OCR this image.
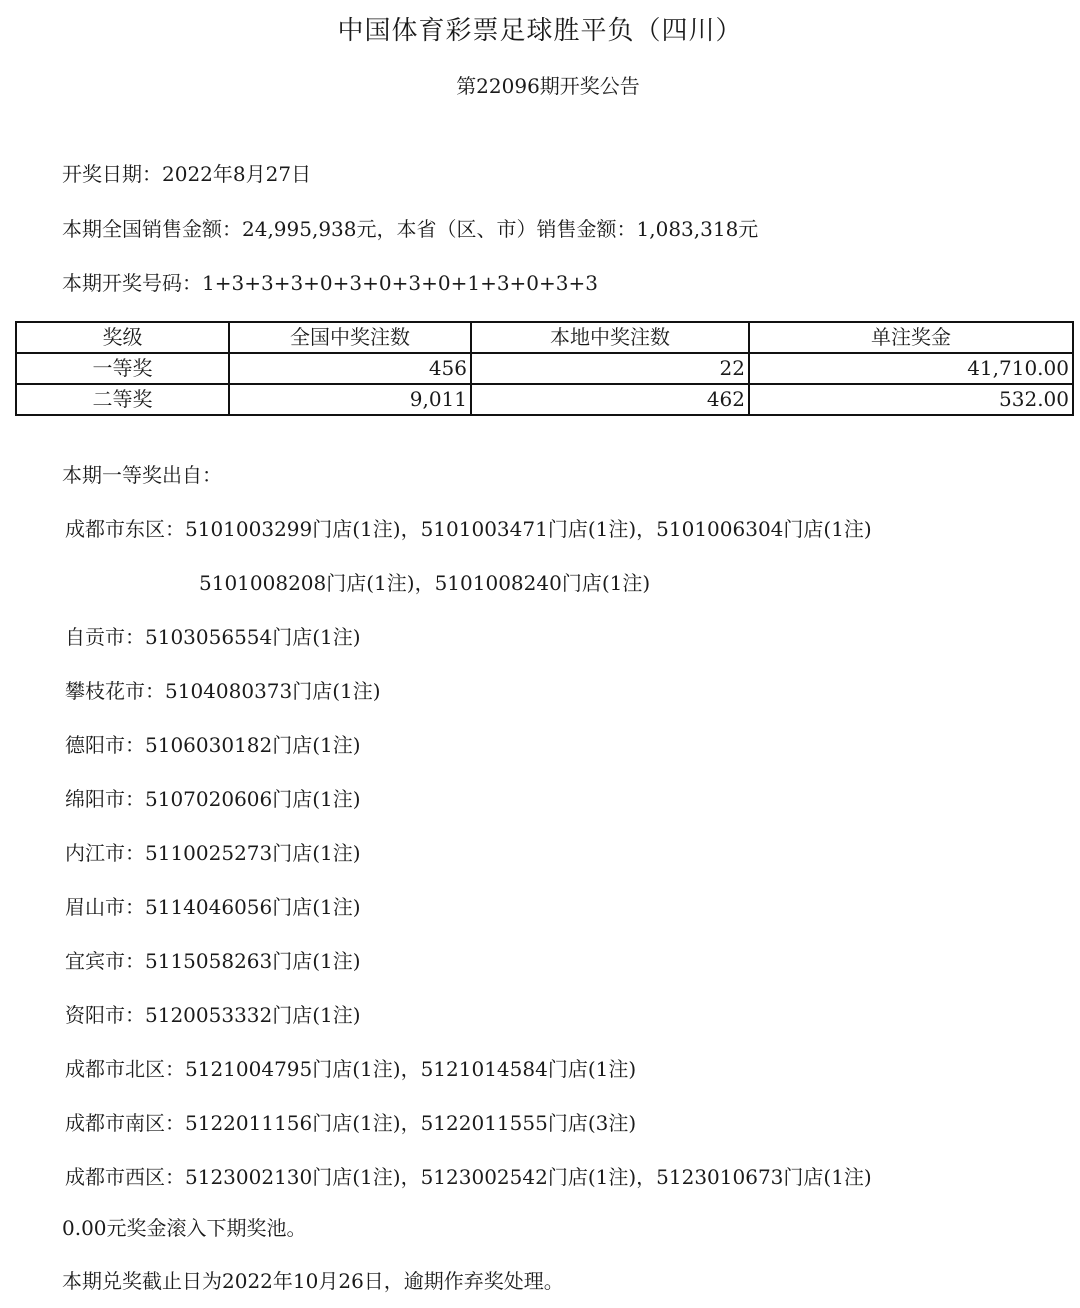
中国体育彩票足球胜平负（四川）
第22096期开奖公告
开奖日期：2022年8月27日
本期全国销售金额：24,995,938元，本省（区、市）销售金额：1,083,318元
本期开奖号码：1+3+3+3+0+3+0+3+0+1+3+0+3+3
奖级	全国中奖注数	本地中奖注数	单注奖金
一等奖	456	22	41,710.00
二等奖	9,011	462	532.00
本期一等奖出自：
成都市东区：5101003299门店(1注)，5101003471门店(1注)，5101006304门店(1注)
5101008208门店(1注)，5101008240门店(1注)
自贡市：5103056554门店(1注)
攀枝花市：5104080373门店(1注)
德阳市：5106030182门店(1注)
绵阳市：5107020606门店(1注)
内江市：5110025273门店(1注)
眉山市：5114046056门店(1注)
宜宾市：5115058263门店(1注)
资阳市：5120053332门店(1注)
成都市北区：5121004795门店(1注)，5121014584门店(1注)
成都市南区：5122011156门店(1注)，5122011555门店(3注)
成都市西区：5123002130门店(1注)，5123002542门店(1注)，5123010673门店(1注)
0.00元奖金滚入下期奖池。
本期兑奖截止日为2022年10月26日，逾期作弃奖处理。
